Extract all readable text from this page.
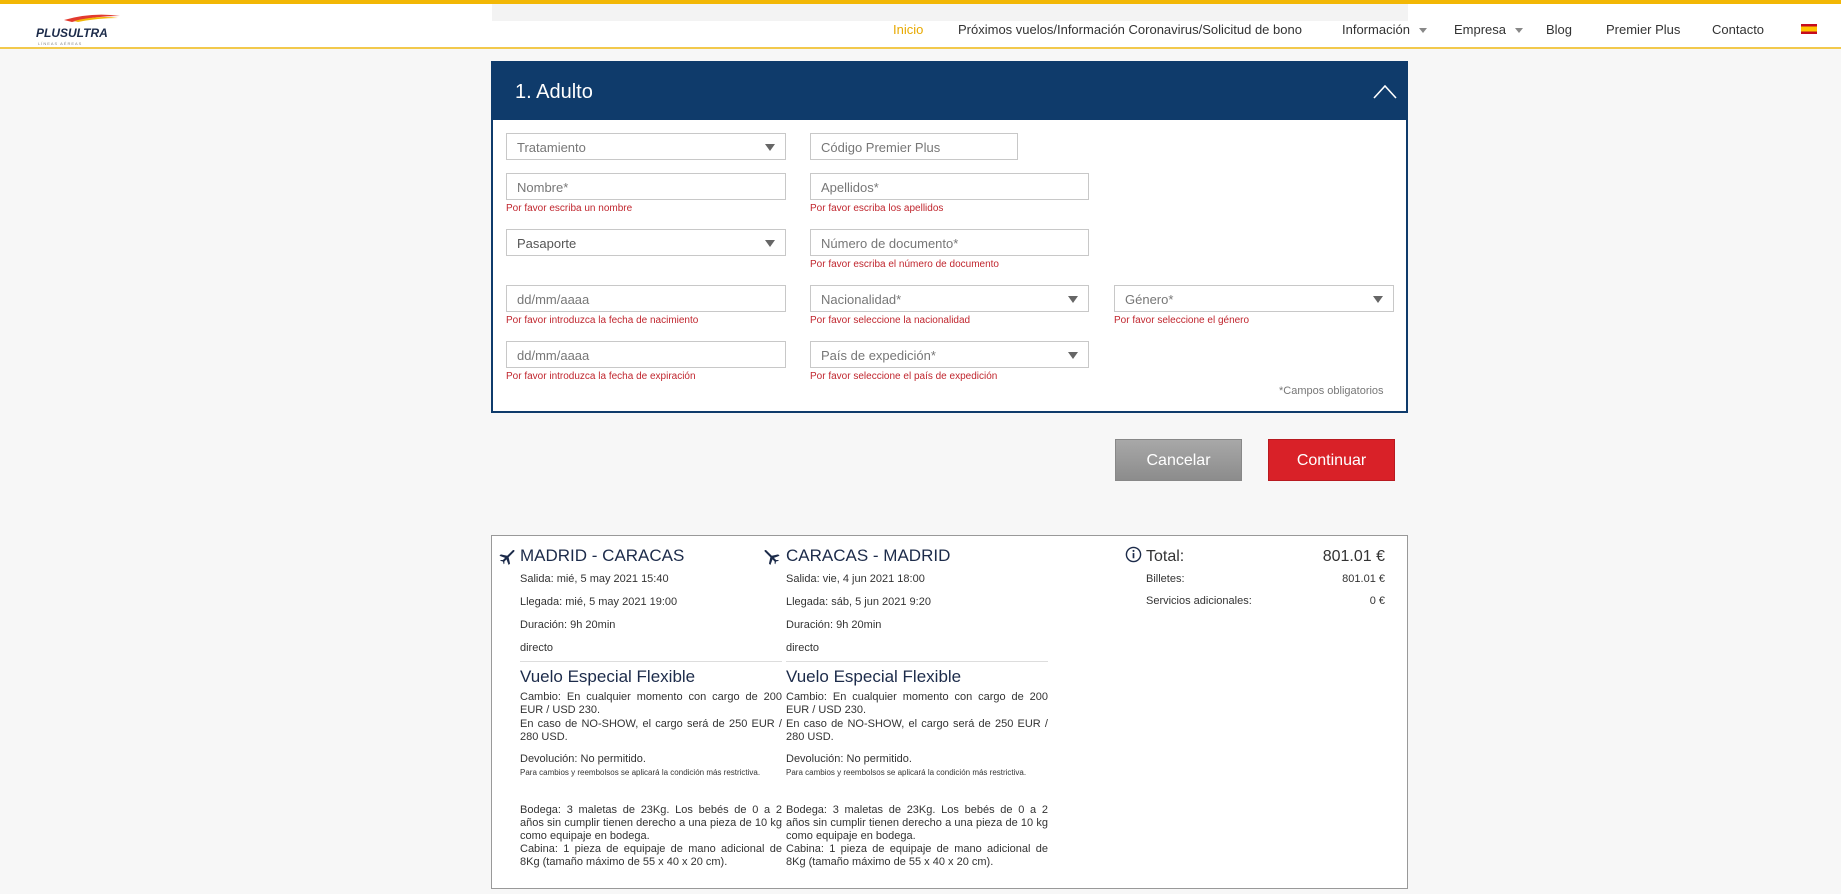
PLUSULTRA
LÍNEAS AÉREAS
Inicio	Próximos vuelos/Información Coronavirus/Solicitud de bono	Información	Empresa	Blog	Premier Plus Contacto
1. Adulto
Tratamiento	Código Premier Plus
Nombre*
Por favor escriba un nombre
Apellidos*
Por favor escriba los apellidos
Pasaporte	Número de documento*
Por favor escriba el número de documento
dd/mm/aaaa
Por favor introduzca la fecha de nacimiento
Nacionalidad*
Por favor seleccione la nacionalidad
Género*
Por favor seleccione el género
dd/mm/aaaa
Por favor introduzca la fecha de expiración
País de expedición*
Por favor seleccione el país de expedición
*Campos obligatorios
Cancelar	Continuar
MADRID - CARACAS
Salida: mié, 5 may 2021 15:40
Llegada: mié, 5 may 2021 19:00
Duración: 9h 20min
directo
Vuelo Especial Flexible
Cambio: En cualquier momento con cargo de 200 EUR / USD 230.
En caso de NO-SHOW, el cargo será de 250 EUR / 280 USD.
Devolución: No permitido.
Para cambios y reembolsos se aplicará la condición más restrictiva.
Bodega: 3 maletas de 23Kg. Los bebés de 0 a 2 años sin cumplir tienen derecho a una pieza de 10 kg como equipaje en bodega.
Cabina: 1 pieza de equipaje de mano adicional de 8Kg (tamaño máximo de 55 x 40 x 20 cm).
CARACAS - MADRID
Salida: vie, 4 jun 2021 18:00
Llegada: sáb, 5 jun 2021 9:20
Duración: 9h 20min
directo
Vuelo Especial Flexible
Cambio: En cualquier momento con cargo de 200 EUR / USD 230.
En caso de NO-SHOW, el cargo será de 250 EUR / 280 USD.
Devolución: No permitido.
Para cambios y reembolsos se aplicará la condición más restrictiva.
Bodega: 3 maletas de 23Kg. Los bebés de 0 a 2 años sin cumplir tienen derecho a una pieza de 10 kg como equipaje en bodega.
Cabina: 1 pieza de equipaje de mano adicional de 8Kg (tamaño máximo de 55 x 40 x 20 cm).
Total:	801.01 €
Billetes:	801.01 €
Servicios adicionales:	0 €
